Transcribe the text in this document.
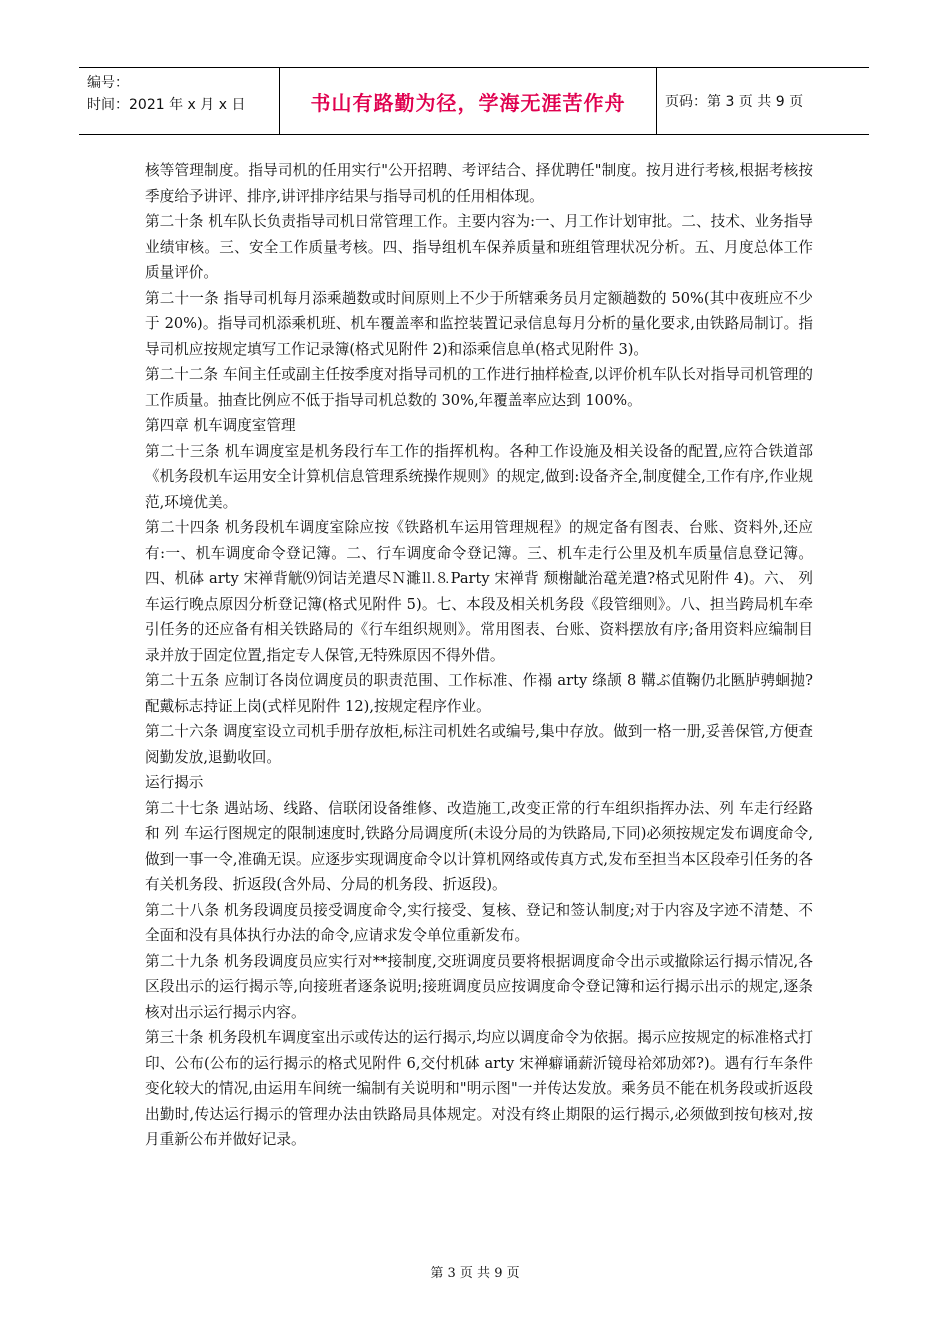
编号：
时间：2021 年 x 月 x 日	书山有路勤为径，学海无涯苦作舟	页码：第 3 页 共 9 页

核等管理制度。指导司机的任用实行"公开招聘、考评结合、择优聘任"制度。按月进行考核,根据考核按季度给予讲评、排序,讲评排序结果与指导司机的任用相体现。

第二十条 机车队长负责指导司机日常管理工作。主要内容为:一、月工作计划审批。二、技术、业务指导业绩审核。三、安全工作质量考核。四、指导组机车保养质量和班组管理状况分析。五、月度总体工作质量评价。

第二十一条 指导司机每月添乘趟数或时间原则上不少于所辖乘务员月定额趟数的 50%(其中夜班应不少于 20%)。指导司机添乘机班、机车覆盖率和监控装置记录信息每月分析的量化要求,由铁路局制订。指导司机应按规定填写工作记录簿(格式见附件 2)和添乘信息单(格式见附件 3)。

第二十二条 车间主任或副主任按季度对指导司机的工作进行抽样检查,以评价机车队长对指导司机管理的工作质量。抽查比例应不低于指导司机总数的 30%,年覆盖率应达到 100%。

第四章 机车调度室管理

第二十三条 机车调度室是机务段行车工作的指挥机构。各种工作设施及相关设备的配置,应符合铁道部《机务段机车运用安全计算机信息管理系统操作规则》的规定,做到:设备齐全,制度健全,工作有序,作业规范,环境优美。

第二十四条 机务段机车调度室除应按《铁路机车运用管理规程》的规定备有图表、台账、资料外,还应有:一、机车调度命令登记簿。二、行车调度命令登记簿。三、机车走行公里及机车质量信息登记簿。四、机砵 arty 宋禅背觥⑼饲诘羌遣尽Ｎ濉⒒⒏Party 宋禅背 颓榭龇治鼋羌遣?格式见附件 4)。六、 列 车运行晚点原因分析登记簿(格式见附件 5)。七、本段及相关机务段《段管细则》。八、担当跨局机车牵引任务的还应备有相关铁路局的《行车组织规则》。常用图表、台账、资料摆放有序;备用资料应编制目录并放于固定位置,指定专人保管,无特殊原因不得外借。

第二十五条 应制订各岗位调度员的职责范围、工作标准、作褟 arty 绦颉 8 鞲ぶ值鞠仍北匦胪骋蛔抛?配戴标志持证上岗(式样见附件 12),按规定程序作业。

第二十六条 调度室设立司机手册存放柜,标注司机姓名或编号,集中存放。做到一格一册,妥善保管,方便查阅勤发放,退勤收回。

运行揭示

第二十七条 遇站场、线路、信联闭设备维修、改造施工,改变正常的行车组织指挥办法、列 车走行经路和 列 车运行图规定的限制速度时,铁路分局调度所(未设分局的为铁路局,下同)必须按规定发布调度命令,做到一事一令,准确无误。应逐步实现调度命令以计算机网络或传真方式,发布至担当本区段牵引任务的各有关机务段、折返段(含外局、分局的机务段、折返段)。

第二十八条 机务段调度员接受调度命令,实行接受、复核、登记和签认制度;对于内容及字迹不清楚、不全面和没有具体执行办法的命令,应请求发令单位重新发布。

第二十九条 机务段调度员应实行对**接制度,交班调度员要将根据调度命令出示或撤除运行揭示情况,各区段出示的运行揭示等,向接班者逐条说明;接班调度员应按调度命令登记簿和运行揭示出示的规定,逐条核对出示运行揭示内容。

第三十条 机务段机车调度室出示或传达的运行揭示,均应以调度命令为依据。揭示应按规定的标准格式打印、公布(公布的运行揭示的格式见附件 6,交付机砵 arty 宋禅癖诵薪沂镜母袷郊劢郊?)。遇有行车条件变化较大的情况,由运用车间统一编制有关说明和"明示图"一并传达发放。乘务员不能在机务段或折返段出勤时,传达运行揭示的管理办法由铁路局具体规定。对没有终止期限的运行揭示,必须做到按旬核对,按月重新公布并做好记录。

第 3 页 共 9 页
